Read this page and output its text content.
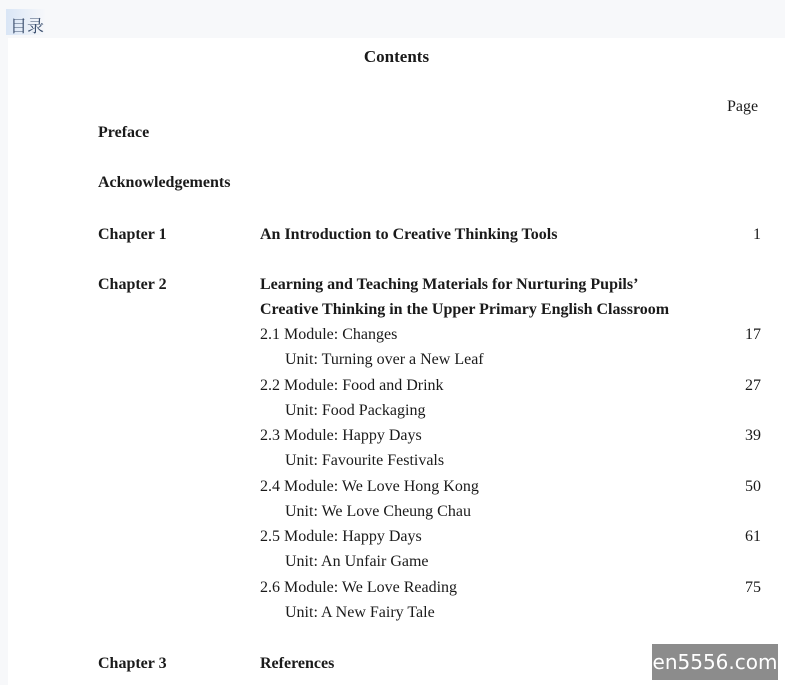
目录
Contents
Page
Preface
Acknowledgements
Chapter 1	An Introduction to Creative Thinking Tools	1
Chapter 2	Learning and Teaching Materials for Nurturing Pupils’
Creative Thinking in the Upper Primary English Classroom
2.1 Module: Changes	17
Unit: Turning over a New Leaf
2.2 Module: Food and Drink	27
Unit: Food Packaging
2.3 Module: Happy Days	39
Unit: Favourite Festivals
2.4 Module: We Love Hong Kong	50
Unit: We Love Cheung Chau
2.5 Module: Happy Days	61
Unit: An Unfair Game
2.6 Module: We Love Reading	75
Unit: A New Fairy Tale
Chapter 3	References	en5556.com
